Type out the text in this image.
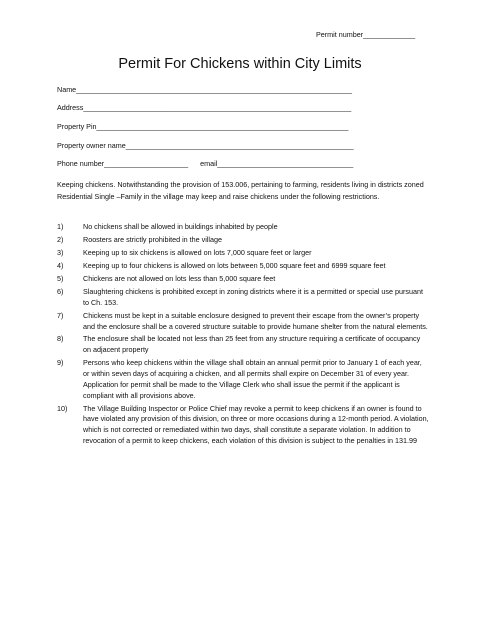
Permit number_____________
Permit For Chickens within City Limits
Name_____________________________________________________________________
Address___________________________________________________________________
Property Pin_______________________________________________________________
Property owner name_________________________________________________________
Phone number_____________________ email__________________________________
Keeping chickens. Notwithstanding the provision of 153.006, pertaining to farming, residents living in districts zoned Residential Single –Family in the village may keep and raise chickens under the following restrictions.
1)	No chickens shall be allowed in buildings inhabited by people
2)	Roosters are strictly prohibited in the village
3)	Keeping up to six chickens is allowed on lots 7,000 square feet or larger
4)	Keeping up to four chickens is allowed on lots between 5,000 square feet and 6999 square feet
5)	Chickens are not allowed on lots less than 5,000 square feet
6)	Slaughtering chickens is prohibited except in zoning districts where it is a permitted or special use pursuant to Ch. 153.
7)	Chickens must be kept in a suitable enclosure designed to prevent their escape from the owner’s property and the enclosure shall be a covered structure suitable to provide humane shelter from the natural elements.
8)	The enclosure shall be located not less than 25 feet from any structure requiring a certificate of occupancy on adjacent property
9)	Persons who keep chickens within the village shall obtain an annual permit prior to January 1 of each year, or within seven days of acquiring a chicken, and all permits shall expire on December 31 of every year. Application for permit shall be made to the Village Clerk who shall issue the permit if the applicant is compliant with all provisions above.
10)	The Village Building Inspector or Police Chief may revoke a permit to keep chickens if an owner is found to have violated any provision of this division, on three or more occasions during a 12-month period. A violation, which is not corrected or remediated within two days, shall constitute a separate violation. In addition to revocation of a permit to keep chickens, each violation of this division is subject to the penalties in 131.99
